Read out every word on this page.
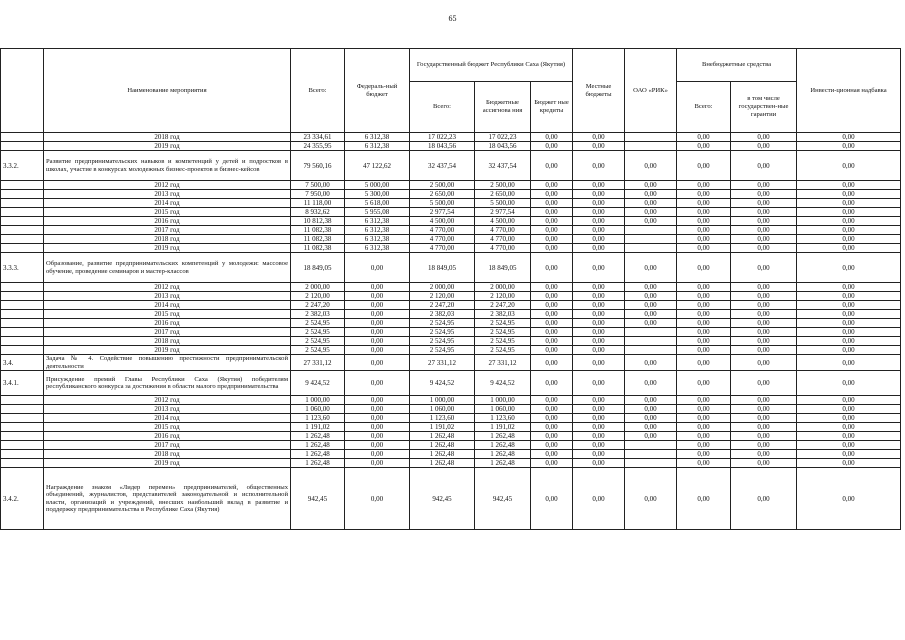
65
	Наименование мероприятия	Всего:	Федераль-ный бюджет	Государственный бюджет Республики Саха (Якутия)			Местные бюджеты	ОАО «РИК»	Внебюджетные средства		Инвести-ционная надбавка
				Всего:	Бюджетные ассигнова ния	Бюджет ные кредиты			Всего:	в том числе государствен-ные гарантии	
	2018 год	23 334,61	6 312,38	17 022,23	17 022,23	0,00	0,00		0,00	0,00	0,00
	2019 год	24 355,95	6 312,38	18 043,56	18 043,56	0,00	0,00		0,00	0,00	0,00
3.3.2.	Развитие предпринимательских навыков и компетенций у детей и подростков в школах, участие в конкурсах молодежных бизнес-проектов и бизнес-кейсов	79 560,16	47 122,62	32 437,54	32 437,54	0,00	0,00	0,00	0,00	0,00	0,00
	2012 год	7 500,00	5 000,00	2 500,00	2 500,00	0,00	0,00	0,00	0,00	0,00	0,00
	2013 год	7 950,00	5 300,00	2 650,00	2 650,00	0,00	0,00	0,00	0,00	0,00	0,00
	2014 год	11 118,00	5 618,00	5 500,00	5 500,00	0,00	0,00	0,00	0,00	0,00	0,00
	2015 год	8 932,62	5 955,08	2 977,54	2 977,54	0,00	0,00	0,00	0,00	0,00	0,00
	2016 год	10 812,38	6 312,38	4 500,00	4 500,00	0,00	0,00	0,00	0,00	0,00	0,00
	2017 год	11 082,38	6 312,38	4 770,00	4 770,00	0,00	0,00		0,00	0,00	0,00
	2018 год	11 082,38	6 312,38	4 770,00	4 770,00	0,00	0,00		0,00	0,00	0,00
	2019 год	11 082,38	6 312,38	4 770,00	4 770,00	0,00	0,00		0,00	0,00	0,00
3.3.3.	Образование, развитие предпринимательских компетенций у молодежи: массовое обучение, проведение семинаров и мастер-классов	18 849,05	0,00	18 849,05	18 849,05	0,00	0,00	0,00	0,00	0,00	0,00
	2012 год	2 000,00	0,00	2 000,00	2 000,00	0,00	0,00	0,00	0,00	0,00	0,00
	2013 год	2 120,00	0,00	2 120,00	2 120,00	0,00	0,00	0,00	0,00	0,00	0,00
	2014 год	2 247,20	0,00	2 247,20	2 247,20	0,00	0,00	0,00	0,00	0,00	0,00
	2015 год	2 382,03	0,00	2 382,03	2 382,03	0,00	0,00	0,00	0,00	0,00	0,00
	2016 год	2 524,95	0,00	2 524,95	2 524,95	0,00	0,00	0,00	0,00	0,00	0,00
	2017 год	2 524,95	0,00	2 524,95	2 524,95	0,00	0,00		0,00	0,00	0,00
	2018 год	2 524,95	0,00	2 524,95	2 524,95	0,00	0,00		0,00	0,00	0,00
	2019 год	2 524,95	0,00	2 524,95	2 524,95	0,00	0,00		0,00	0,00	0,00
3.4.	Задача № 4. Содействие повышению престижности предпринимательской деятельности	27 331,12	0,00	27 331,12	27 331,12	0,00	0,00	0,00	0,00	0,00	0,00
3.4.1.	Присуждение премий Главы Республики Саха (Якутия) победителям республиканского конкурса за достижения в области малого предпринимательства	9 424,52	0,00	9 424,52	9 424,52	0,00	0,00	0,00	0,00	0,00	0,00
	2012 год	1 000,00	0,00	1 000,00	1 000,00	0,00	0,00	0,00	0,00	0,00	0,00
	2013 год	1 060,00	0,00	1 060,00	1 060,00	0,00	0,00	0,00	0,00	0,00	0,00
	2014 год	1 123,60	0,00	1 123,60	1 123,60	0,00	0,00	0,00	0,00	0,00	0,00
	2015 год	1 191,02	0,00	1 191,02	1 191,02	0,00	0,00	0,00	0,00	0,00	0,00
	2016 год	1 262,48	0,00	1 262,48	1 262,48	0,00	0,00	0,00	0,00	0,00	0,00
	2017 год	1 262,48	0,00	1 262,48	1 262,48	0,00	0,00		0,00	0,00	0,00
	2018 год	1 262,48	0,00	1 262,48	1 262,48	0,00	0,00		0,00	0,00	0,00
	2019 год	1 262,48	0,00	1 262,48	1 262,48	0,00	0,00		0,00	0,00	0,00
3.4.2.	Награждение знаком «Лидер перемен» предпринимателей, общественных объединений, журналистов, представителей законодательной и исполнительной власти, организаций и учреждений, внесших наибольший вклад в развитие и поддержку предпринимательства в Республике Саха (Якутия)	942,45	0,00	942,45	942,45	0,00	0,00	0,00	0,00	0,00	0,00
